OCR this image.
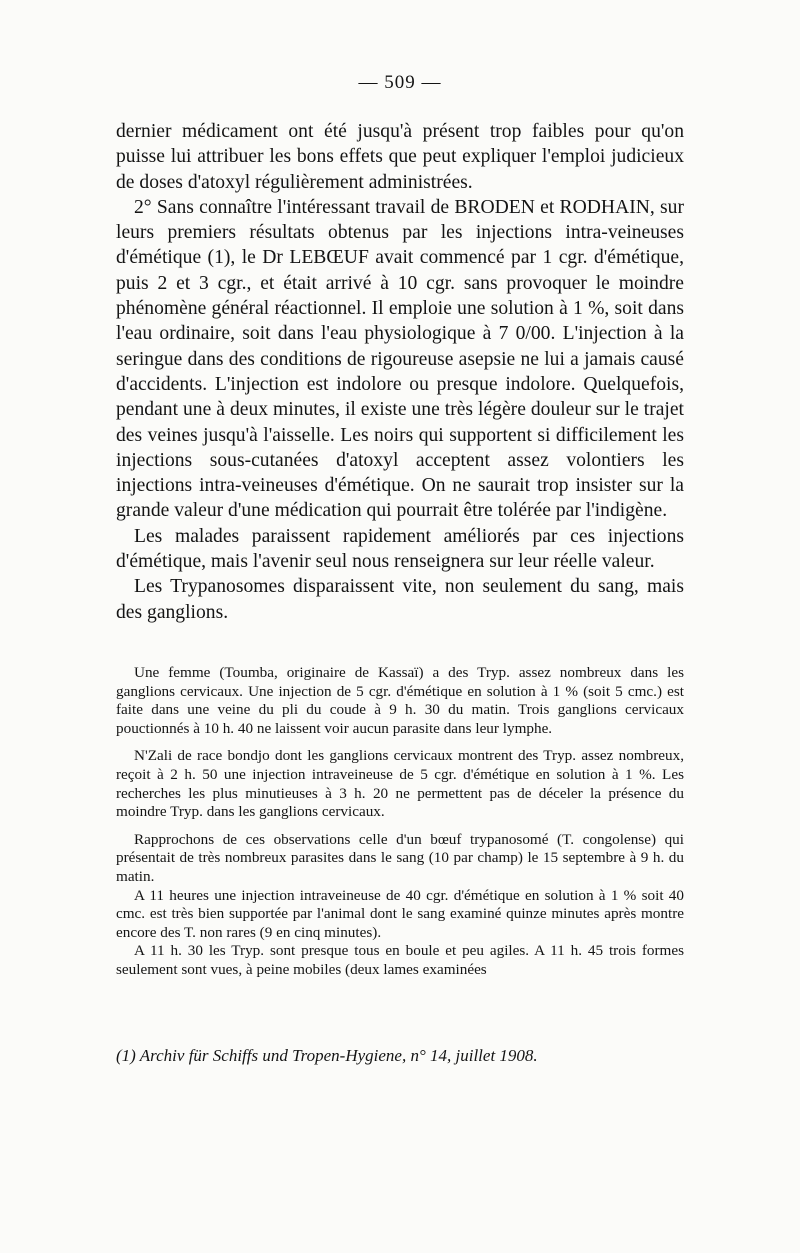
— 509 —

dernier médicament ont été jusqu'à présent trop faibles pour qu'on puisse lui attribuer les bons effets que peut expliquer l'emploi judicieux de doses d'atoxyl régulièrement administrées.

2° Sans connaître l'intéressant travail de BRODEN et RODHAIN, sur leurs premiers résultats obtenus par les injections intra-veineuses d'émétique (1), le Dr LEBŒUF avait commencé par 1 cgr. d'émétique, puis 2 et 3 cgr., et était arrivé à 10 cgr. sans provoquer le moindre phénomène général réactionnel. Il emploie une solution à 1 %, soit dans l'eau ordinaire, soit dans l'eau physiologique à 7 0/00. L'injection à la seringue dans des conditions de rigoureuse asepsie ne lui a jamais causé d'accidents. L'injection est indolore ou presque indolore. Quelquefois, pendant une à deux minutes, il existe une très légère douleur sur le trajet des veines jusqu'à l'aisselle. Les noirs qui supportent si difficilement les injections sous-cutanées d'atoxyl acceptent assez volontiers les injections intra-veineuses d'émétique. On ne saurait trop insister sur la grande valeur d'une médication qui pourrait être tolérée par l'indigène.

Les malades paraissent rapidement améliorés par ces injections d'émétique, mais l'avenir seul nous renseignera sur leur réelle valeur.

Les Trypanosomes disparaissent vite, non seulement du sang, mais des ganglions.

Une femme (Toumba, originaire de Kassaï) a des Tryp. assez nombreux dans les ganglions cervicaux. Une injection de 5 cgr. d'émétique en solution à 1 % (soit 5 cmc.) est faite dans une veine du pli du coude à 9 h. 30 du matin. Trois ganglions cervicaux pouctionnés à 10 h. 40 ne laissent voir aucun parasite dans leur lymphe.

N'Zali de race bondjo dont les ganglions cervicaux montrent des Tryp. assez nombreux, reçoit à 2 h. 50 une injection intraveineuse de 5 cgr. d'émétique en solution à 1 %. Les recherches les plus minutieuses à 3 h. 20 ne permettent pas de déceler la présence du moindre Tryp. dans les ganglions cervicaux.

Rapprochons de ces observations celle d'un bœuf trypanosomé (T. congolense) qui présentait de très nombreux parasites dans le sang (10 par champ) le 15 septembre à 9 h. du matin.

A 11 heures une injection intraveineuse de 40 cgr. d'émétique en solution à 1 % soit 40 cmc. est très bien supportée par l'animal dont le sang examiné quinze minutes après montre encore des T. non rares (9 en cinq minutes).

A 11 h. 30 les Tryp. sont presque tous en boule et peu agiles. A 11 h. 45 trois formes seulement sont vues, à peine mobiles (deux lames examinées

(1) Archiv für Schiffs und Tropen-Hygiene, n° 14, juillet 1908.
